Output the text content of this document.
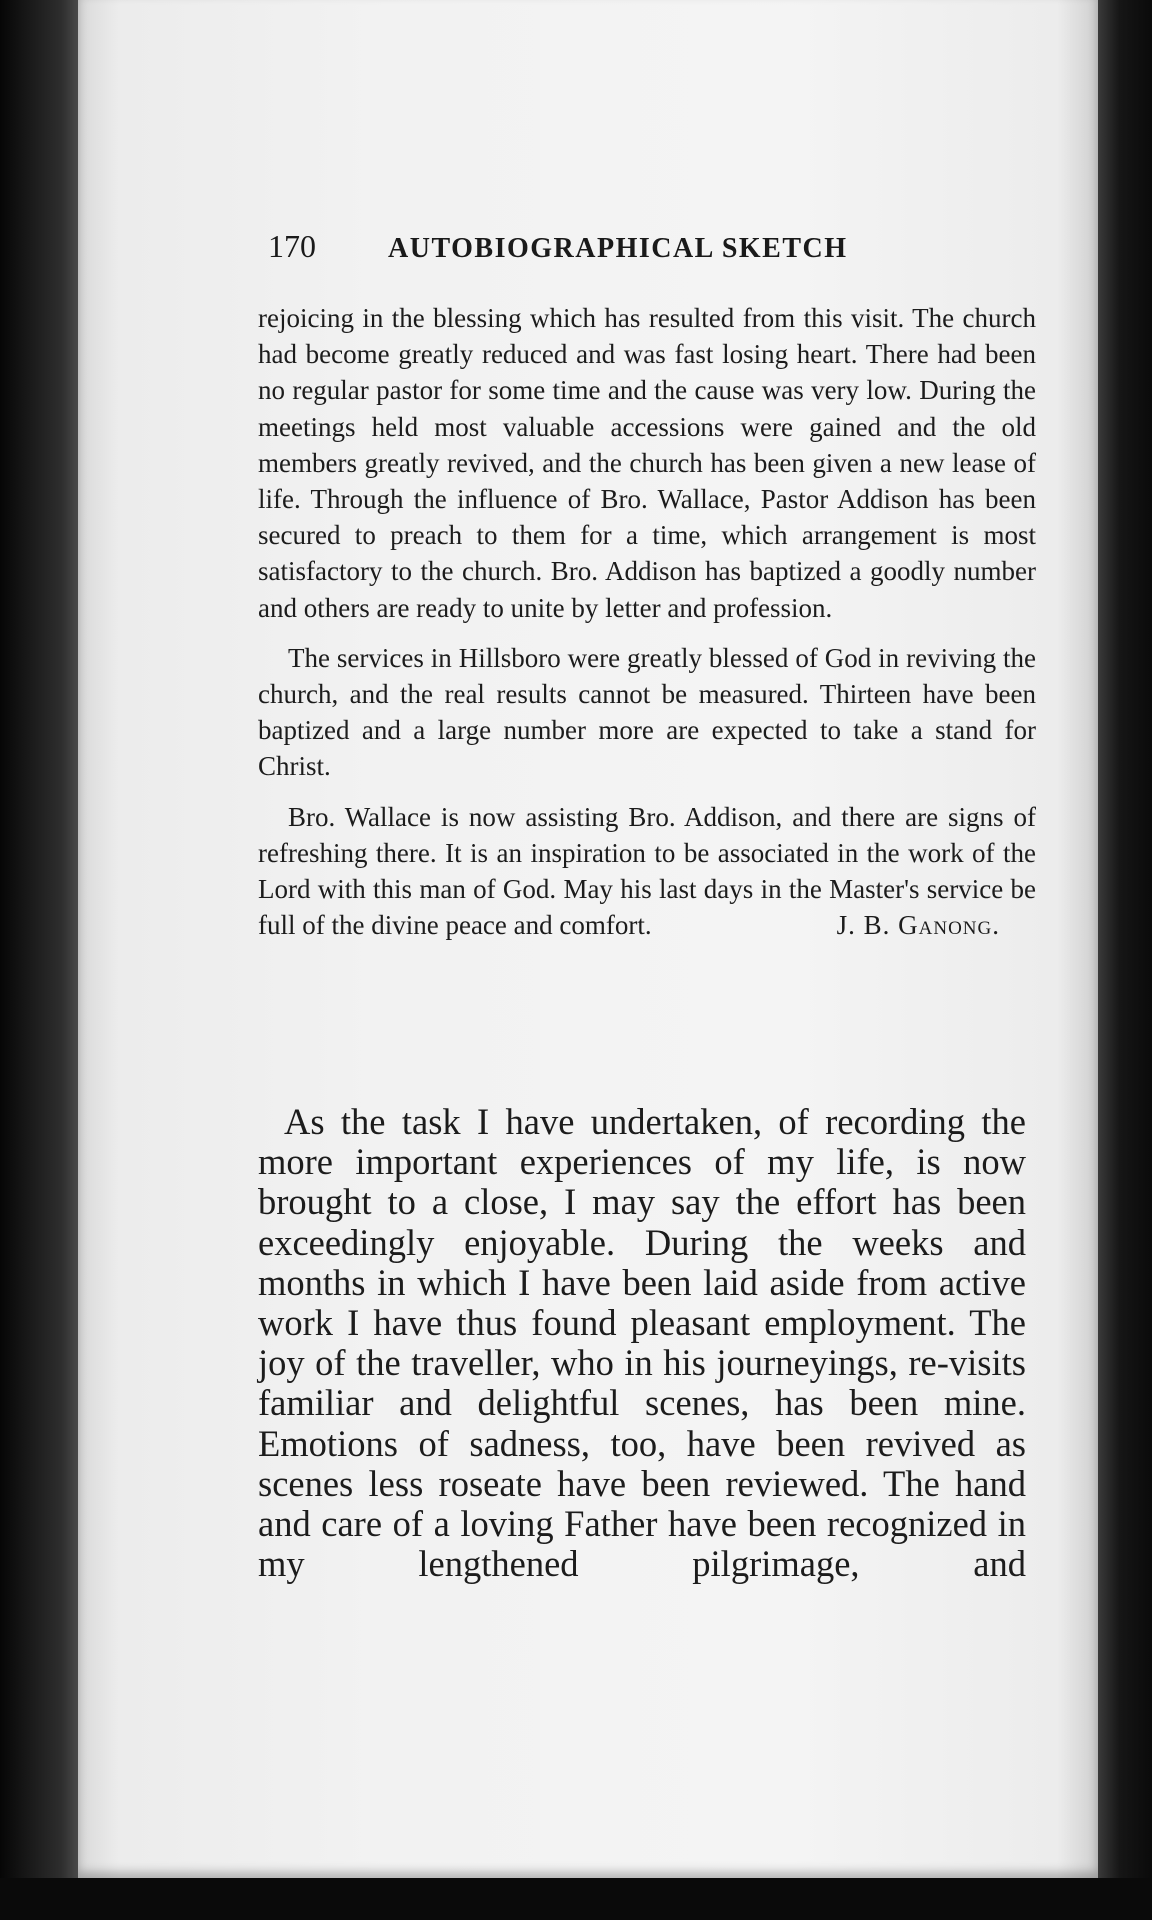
170	AUTOBIOGRAPHICAL SKETCH

rejoicing in the blessing which has resulted from this visit. The church had become greatly reduced and was fast losing heart. There had been no regular pastor for some time and the cause was very low. During the meetings held most valuable accessions were gained and the old members greatly revived, and the church has been given a new lease of life. Through the influence of Bro. Wallace, Pastor Addison has been secured to preach to them for a time, which arrangement is most satisfactory to the church. Bro. Addison has baptized a goodly number and others are ready to unite by letter and profession.

The services in Hillsboro were greatly blessed of God in reviving the church, and the real results cannot be measured. Thirteen have been baptized and a large number more are expected to take a stand for Christ.

Bro. Wallace is now assisting Bro. Addison, and there are signs of refreshing there. It is an inspiration to be associated in the work of the Lord with this man of God. May his last days in the Master's service be full of the divine peace and comfort.	J. B. Ganong.

As the task I have undertaken, of recording the more important experiences of my life, is now brought to a close, I may say the effort has been exceedingly enjoyable. During the weeks and months in which I have been laid aside from active work I have thus found pleasant employment. The joy of the traveller, who in his journeyings, re-visits familiar and delightful scenes, has been mine. Emotions of sadness, too, have been revived as scenes less roseate have been reviewed. The hand and care of a loving Father have been recognized in my lengthened pilgrimage, and
